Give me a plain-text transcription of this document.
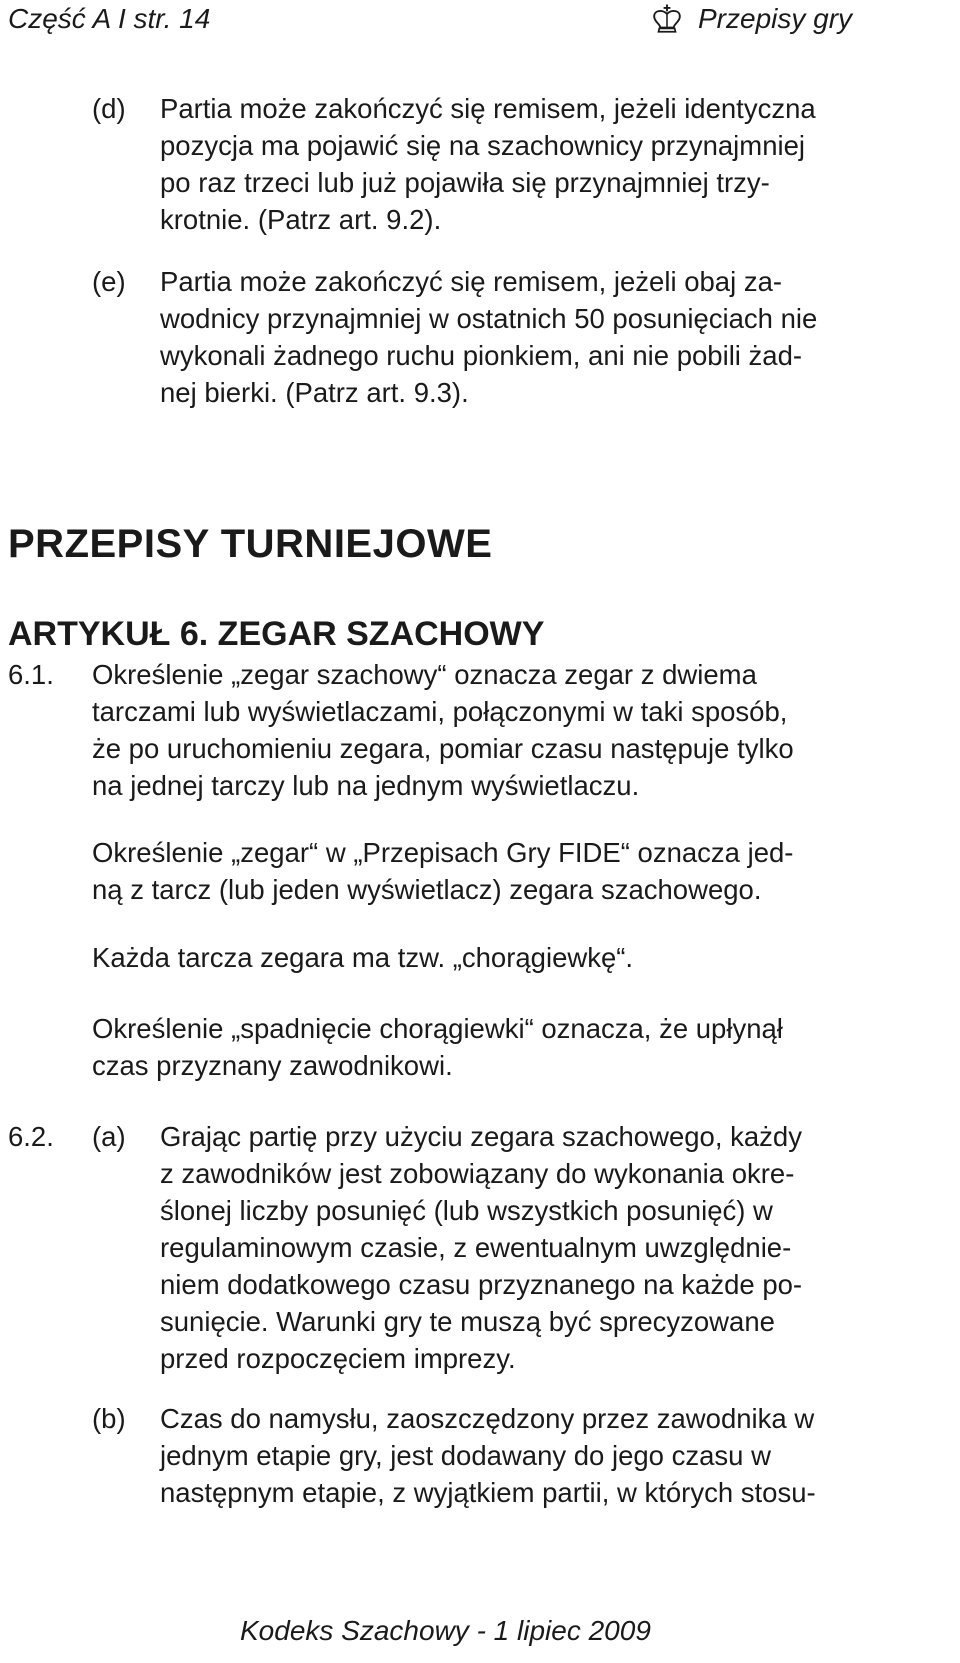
Część A I str. 14	Przepisy gry
(d) Partia może zakończyć się remisem, jeżeli identyczna
pozycja ma pojawić się na szachownicy przynajmniej
po raz trzeci lub już pojawiła się przynajmniej trzy-
krotnie. (Patrz art. 9.2).
(e) Partia może zakończyć się remisem, jeżeli obaj za-
wodnicy przynajmniej w ostatnich 50 posunięciach nie
wykonali żadnego ruchu pionkiem, ani nie pobili żad-
nej bierki. (Patrz art. 9.3).
PRZEPISY TURNIEJOWE
ARTYKUŁ 6. ZEGAR SZACHOWY
6.1. Określenie „zegar szachowy“ oznacza zegar z dwiema
tarczami lub wyświetlaczami, połączonymi w taki sposób,
że po uruchomieniu zegara, pomiar czasu następuje tylko
na jednej tarczy lub na jednym wyświetlaczu.
Określenie „zegar“ w „Przepisach Gry FIDE“ oznacza jed-
ną z tarcz (lub jeden wyświetlacz) zegara szachowego.
Każda tarcza zegara ma tzw. „chorągiewkę“.
Określenie „spadnięcie chorągiewki“ oznacza, że upłynął
czas przyznany zawodnikowi.
6.2. (a) Grając partię przy użyciu zegara szachowego, każdy
z zawodników jest zobowiązany do wykonania okre-
ślonej liczby posunięć (lub wszystkich posunięć) w
regulaminowym czasie, z ewentualnym uwzględnie-
niem dodatkowego czasu przyznanego na każde po-
sunięcie. Warunki gry te muszą być sprecyzowane
przed rozpoczęciem imprezy.
(b) Czas do namysłu, zaoszczędzony przez zawodnika w
jednym etapie gry, jest dodawany do jego czasu w
następnym etapie, z wyjątkiem partii, w których stosu-
Kodeks Szachowy - 1 lipiec 2009
